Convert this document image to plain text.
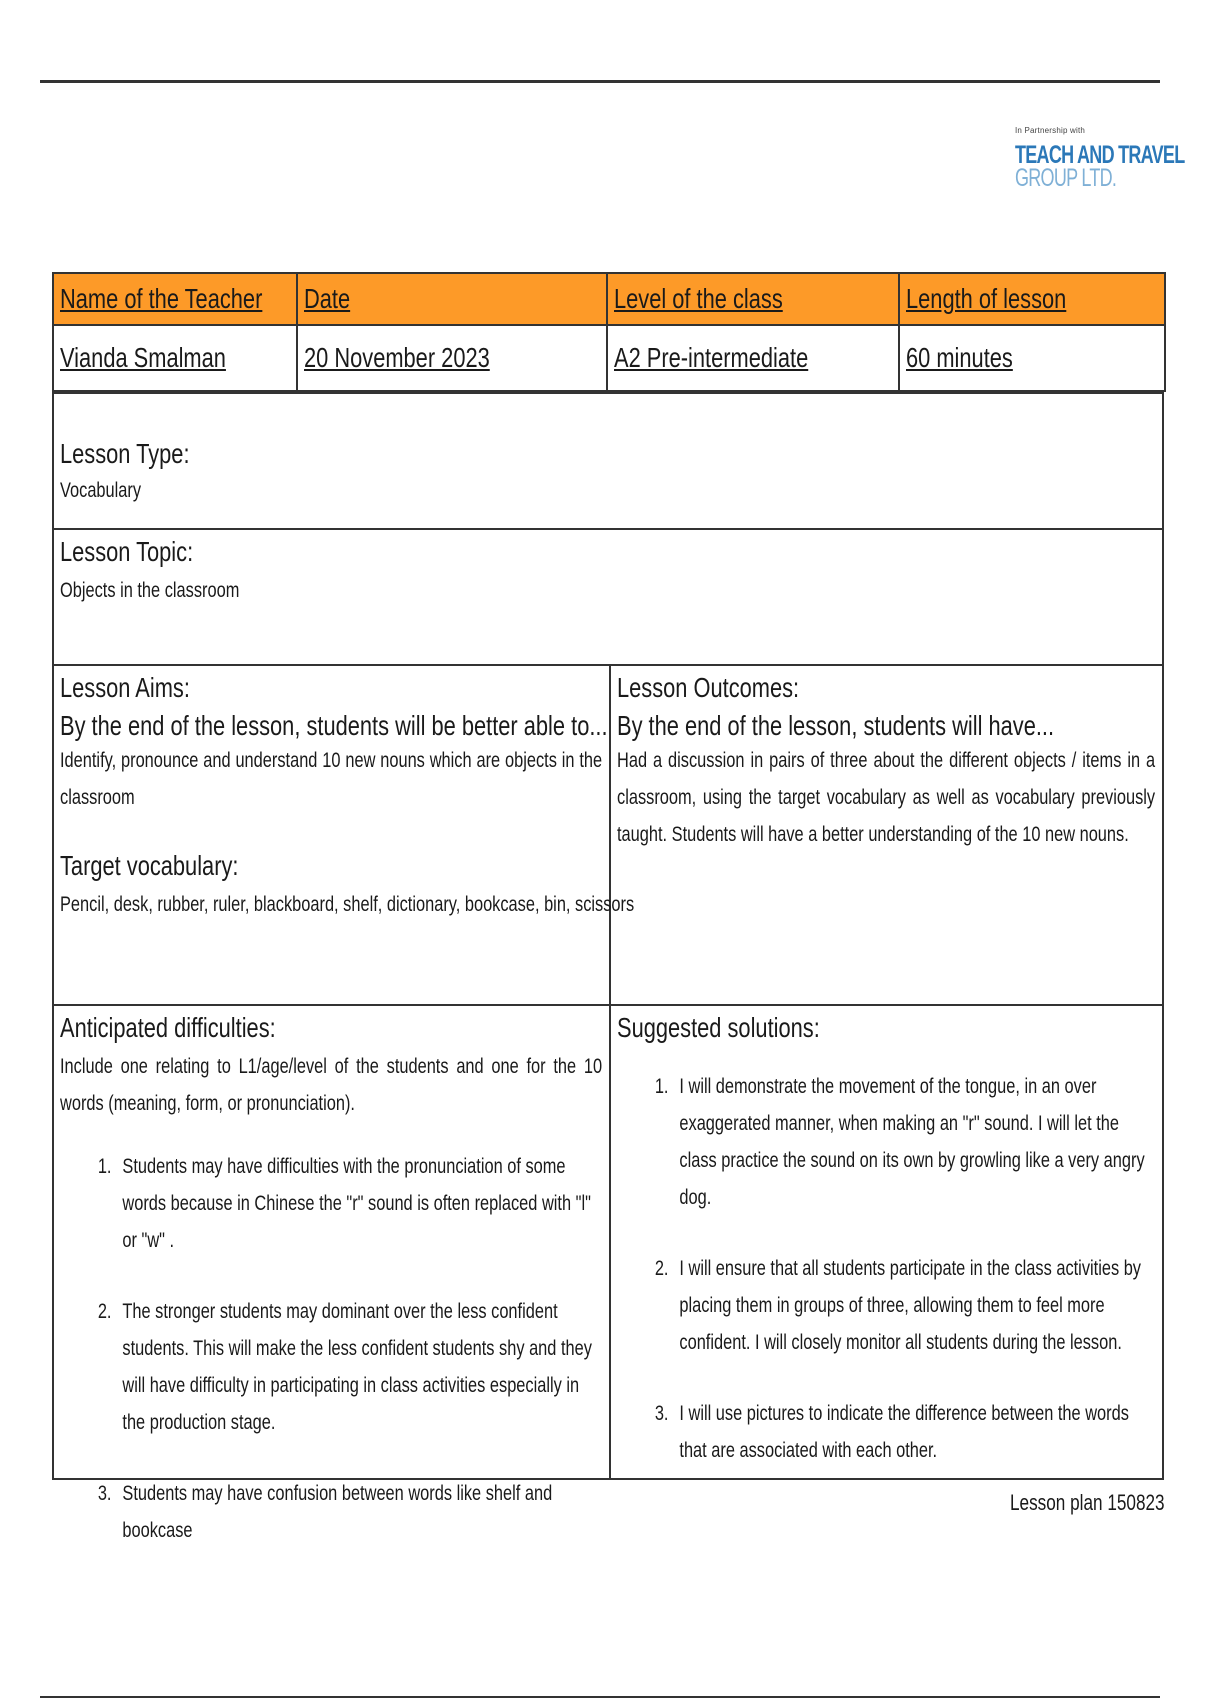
In Partnership with
TEACH AND TRAVEL
GROUP LTD.
Name of the Teacher	Date	Level of the class	Length of lesson
Vianda Smalman	20 November 2023	A2 Pre-intermediate	60 minutes
Lesson Type:
Vocabulary
Lesson Topic:
Objects in the classroom
Lesson Aims:
By the end of the lesson, students will be better able to...
Identify, pronounce and understand 10 new nouns which are objects in the classroom
Target vocabulary:
Pencil, desk, rubber, ruler, blackboard, shelf, dictionary, bookcase, bin, scissors
Lesson Outcomes:
By the end of the lesson, students will have...
Had a discussion in pairs of three about the different objects / items in a classroom, using the target vocabulary as well as vocabulary previously taught. Students will have a better understanding of the 10 new nouns.
Anticipated difficulties:
Include one relating to L1/age/level of the students and one for the 10 words (meaning, form, or pronunciation).
1. Students may have difficulties with the pronunciation of some words because in Chinese the "r" sound is often replaced with "l" or "w" .
2. The stronger students may dominant over the less confident students. This will make the less confident students shy and they will have difficulty in participating in class activities especially in the production stage.
3. Students may have confusion between words like shelf and bookcase
Suggested solutions:
1. I will demonstrate the movement of the tongue, in an over exaggerated manner, when making an "r" sound. I will let the class practice the sound on its own by growling like a very angry dog.
2. I will ensure that all students participate in the class activities by placing them in groups of three, allowing them to feel more confident. I will closely monitor all students during the lesson.
3. I will use pictures to indicate the difference between the words that are associated with each other.
Lesson plan 150823
